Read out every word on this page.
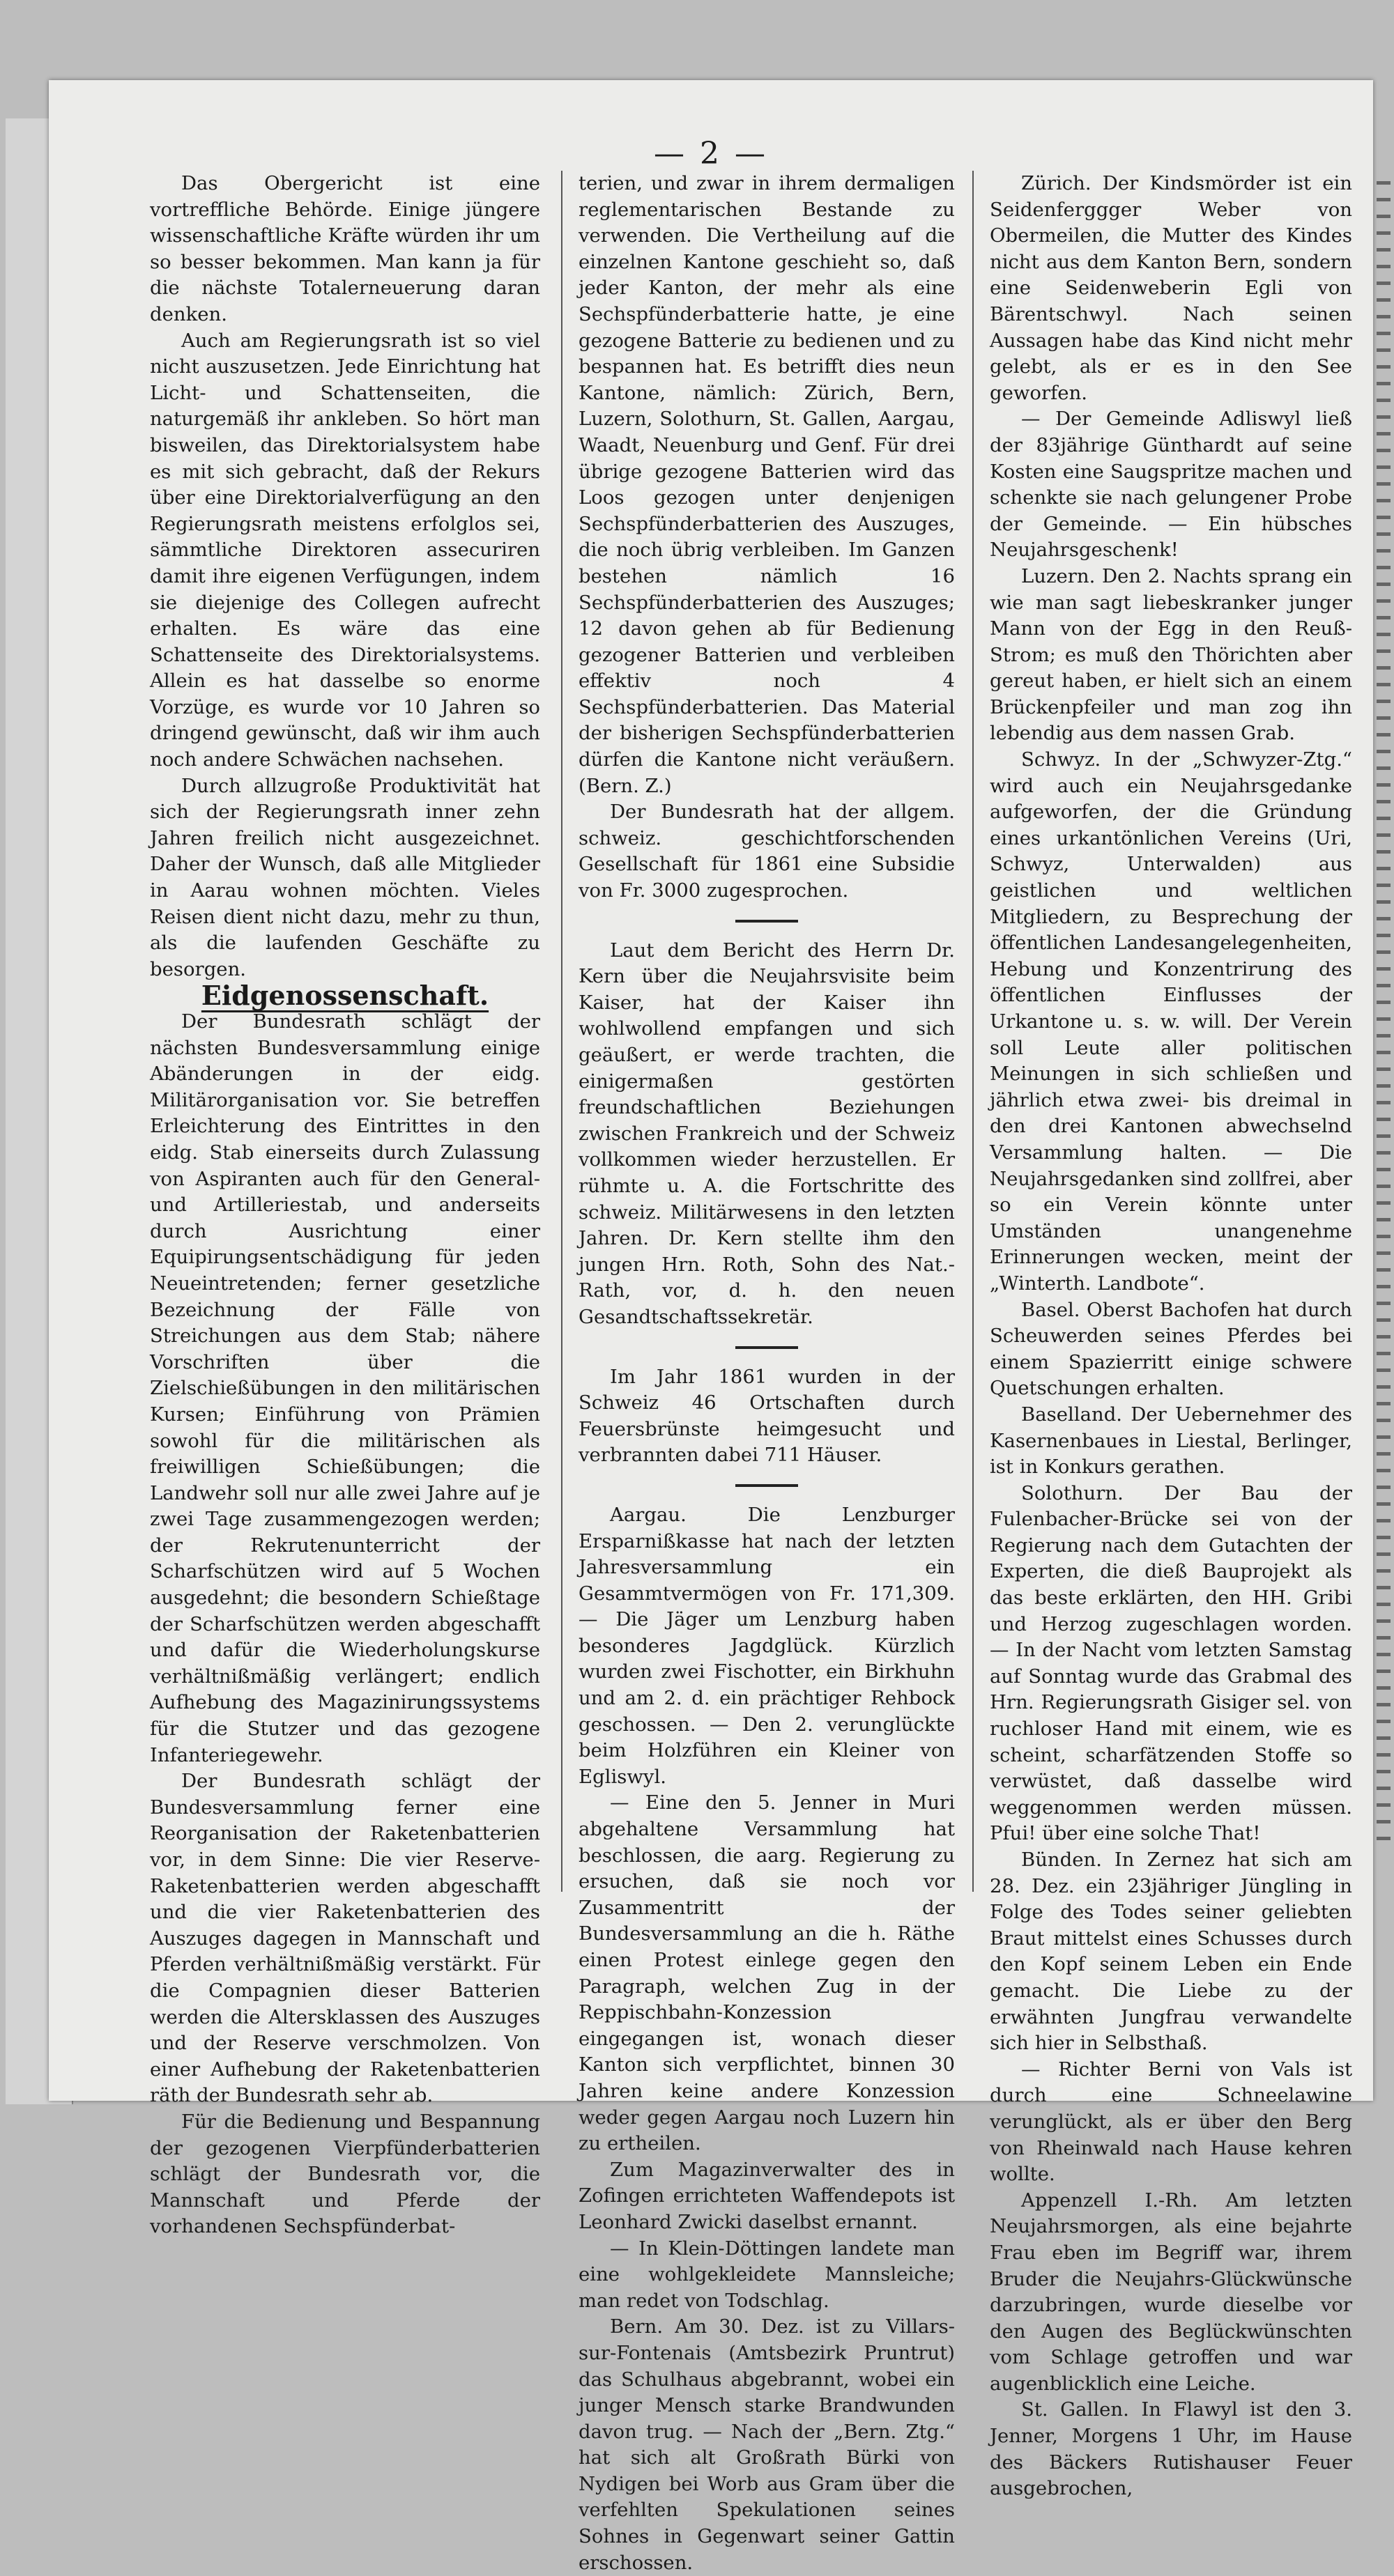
— 2 —

Das Obergericht ist eine vortreffliche Behörde. Einige jüngere wissenschaftliche Kräfte würden ihr um so besser bekommen. Man kann ja für die nächste Totalerneuerung daran denken.

Auch am Regierungsrath ist so viel nicht auszusetzen. Jede Einrichtung hat Licht- und Schattenseiten, die naturgemäß ihr ankleben. So hört man bisweilen, das Direktorialsystem habe es mit sich gebracht, daß der Rekurs über eine Direktorialverfügung an den Regierungsrath meistens erfolglos sei, sämmtliche Direktoren assecuriren damit ihre eigenen Verfügungen, indem sie diejenige des Collegen aufrecht erhalten. Es wäre das eine Schattenseite des Direktorialsystems. Allein es hat dasselbe so enorme Vorzüge, es wurde vor 10 Jahren so dringend gewünscht, daß wir ihm auch noch andere Schwächen nachsehen.

Durch allzugroße Produktivität hat sich der Regierungsrath inner zehn Jahren freilich nicht ausgezeichnet. Daher der Wunsch, daß alle Mitglieder in Aarau wohnen möchten. Vieles Reisen dient nicht dazu, mehr zu thun, als die laufenden Geschäfte zu besorgen.

Eidgenossenschaft.

Der Bundesrath schlägt der nächsten Bundesversammlung einige Abänderungen in der eidg. Militärorganisation vor. Sie betreffen Erleichterung des Eintrittes in den eidg. Stab einerseits durch Zulassung von Aspiranten auch für den General- und Artilleriestab, und anderseits durch Ausrichtung einer Equipirungsentschädigung für jeden Neueintretenden; ferner gesetzliche Bezeichnung der Fälle von Streichungen aus dem Stab; nähere Vorschriften über die Zielschießübungen in den militärischen Kursen; Einführung von Prämien sowohl für die militärischen als freiwilligen Schießübungen; die Landwehr soll nur alle zwei Jahre auf je zwei Tage zusammengezogen werden; der Rekrutenunterricht der Scharfschützen wird auf 5 Wochen ausgedehnt; die besondern Schießtage der Scharfschützen werden abgeschafft und dafür die Wiederholungskurse verhältnißmäßig verlängert; endlich Aufhebung des Magazinirungssystems für die Stutzer und das gezogene Infanteriegewehr.

Der Bundesrath schlägt der Bundesversammlung ferner eine Reorganisation der Raketenbatterien vor, in dem Sinne: Die vier Reserve-Raketenbatterien werden abgeschafft und die vier Raketenbatterien des Auszuges dagegen in Mannschaft und Pferden verhältnißmäßig verstärkt. Für die Compagnien dieser Batterien werden die Altersklassen des Auszuges und der Reserve verschmolzen. Von einer Aufhebung der Raketenbatterien räth der Bundesrath sehr ab.

Für die Bedienung und Bespannung der gezogenen Vierpfünderbatterien schlägt der Bundesrath vor, die Mannschaft und Pferde der vorhandenen Sechspfünderbat-

terien, und zwar in ihrem dermaligen reglementarischen Bestande zu verwenden. Die Vertheilung auf die einzelnen Kantone geschieht so, daß jeder Kanton, der mehr als eine Sechspfünderbatterie hatte, je eine gezogene Batterie zu bedienen und zu bespannen hat. Es betrifft dies neun Kantone, nämlich: Zürich, Bern, Luzern, Solothurn, St. Gallen, Aargau, Waadt, Neuenburg und Genf. Für drei übrige gezogene Batterien wird das Loos gezogen unter denjenigen Sechspfünderbatterien des Auszuges, die noch übrig verbleiben. Im Ganzen bestehen nämlich 16 Sechspfünderbatterien des Auszuges; 12 davon gehen ab für Bedienung gezogener Batterien und verbleiben effektiv noch 4 Sechspfünderbatterien. Das Material der bisherigen Sechspfünderbatterien dürfen die Kantone nicht veräußern. (Bern. Z.)

Der Bundesrath hat der allgem. schweiz. geschichtforschenden Gesellschaft für 1861 eine Subsidie von Fr. 3000 zugesprochen.

Laut dem Bericht des Herrn Dr. Kern über die Neujahrsvisite beim Kaiser, hat der Kaiser ihn wohlwollend empfangen und sich geäußert, er werde trachten, die einigermaßen gestörten freundschaftlichen Beziehungen zwischen Frankreich und der Schweiz vollkommen wieder herzustellen. Er rühmte u. A. die Fortschritte des schweiz. Militärwesens in den letzten Jahren. Dr. Kern stellte ihm den jungen Hrn. Roth, Sohn des Nat.-Rath, vor, d. h. den neuen Gesandtschaftssekretär.

Im Jahr 1861 wurden in der Schweiz 46 Ortschaften durch Feuersbrünste heimgesucht und verbrannten dabei 711 Häuser.

Aargau. Die Lenzburger Ersparnißkasse hat nach der letzten Jahresversammlung ein Gesammtvermögen von Fr. 171,309. — Die Jäger um Lenzburg haben besonderes Jagdglück. Kürzlich wurden zwei Fischotter, ein Birkhuhn und am 2. d. ein prächtiger Rehbock geschossen. — Den 2. verunglückte beim Holzführen ein Kleiner von Egliswyl.

— Eine den 5. Jenner in Muri abgehaltene Versammlung hat beschlossen, die aarg. Regierung zu ersuchen, daß sie noch vor Zusammentritt der Bundesversammlung an die h. Räthe einen Protest einlege gegen den Paragraph, welchen Zug in der Reppischbahn-Konzession eingegangen ist, wonach dieser Kanton sich verpflichtet, binnen 30 Jahren keine andere Konzession weder gegen Aargau noch Luzern hin zu ertheilen.

Zum Magazinverwalter des in Zofingen errichteten Waffendepots ist Leonhard Zwicki daselbst ernannt.

— In Klein-Döttingen landete man eine wohlgekleidete Mannsleiche; man redet von Todschlag.

Bern. Am 30. Dez. ist zu Villars-sur-Fontenais (Amtsbezirk Pruntrut) das Schulhaus abgebrannt, wobei ein junger Mensch starke Brandwunden davon trug. — Nach der „Bern. Ztg.“ hat sich alt Großrath Bürki von Nydigen bei Worb aus Gram über die verfehlten Spekulationen seines Sohnes in Gegenwart seiner Gattin erschossen.

Zürich. Der Kindsmörder ist ein Seidenferggger Weber von Obermeilen, die Mutter des Kindes nicht aus dem Kanton Bern, sondern eine Seidenweberin Egli von Bärentschwyl. Nach seinen Aussagen habe das Kind nicht mehr gelebt, als er es in den See geworfen.

— Der Gemeinde Adliswyl ließ der 83jährige Günthardt auf seine Kosten eine Saugspritze machen und schenkte sie nach gelungener Probe der Gemeinde. — Ein hübsches Neujahrsgeschenk!

Luzern. Den 2. Nachts sprang ein wie man sagt liebeskranker junger Mann von der Egg in den Reuß-Strom; es muß den Thörichten aber gereut haben, er hielt sich an einem Brückenpfeiler und man zog ihn lebendig aus dem nassen Grab.

Schwyz. In der „Schwyzer-Ztg.“ wird auch ein Neujahrsgedanke aufgeworfen, der die Gründung eines urkantönlichen Vereins (Uri, Schwyz, Unterwalden) aus geistlichen und weltlichen Mitgliedern, zu Besprechung der öffentlichen Landesangelegenheiten, Hebung und Konzentrirung des öffentlichen Einflusses der Urkantone u. s. w. will. Der Verein soll Leute aller politischen Meinungen in sich schließen und jährlich etwa zwei- bis dreimal in den drei Kantonen abwechselnd Versammlung halten. — Die Neujahrsgedanken sind zollfrei, aber so ein Verein könnte unter Umständen unangenehme Erinnerungen wecken, meint der „Winterth. Landbote“.

Basel. Oberst Bachofen hat durch Scheuwerden seines Pferdes bei einem Spazierritt einige schwere Quetschungen erhalten.

Baselland. Der Uebernehmer des Kasernenbaues in Liestal, Berlinger, ist in Konkurs gerathen.

Solothurn. Der Bau der Fulenbacher-Brücke sei von der Regierung nach dem Gutachten der Experten, die dieß Bauprojekt als das beste erklärten, den HH. Gribi und Herzog zugeschlagen worden. — In der Nacht vom letzten Samstag auf Sonntag wurde das Grabmal des Hrn. Regierungsrath Gisiger sel. von ruchloser Hand mit einem, wie es scheint, scharfätzenden Stoffe so verwüstet, daß dasselbe wird weggenommen werden müssen. Pfui! über eine solche That!

Bünden. In Zernez hat sich am 28. Dez. ein 23jähriger Jüngling in Folge des Todes seiner geliebten Braut mittelst eines Schusses durch den Kopf seinem Leben ein Ende gemacht. Die Liebe zu der erwähnten Jungfrau verwandelte sich hier in Selbsthaß.

— Richter Berni von Vals ist durch eine Schneelawine verunglückt, als er über den Berg von Rheinwald nach Hause kehren wollte.

Appenzell I.-Rh. Am letzten Neujahrsmorgen, als eine bejahrte Frau eben im Begriff war, ihrem Bruder die Neujahrs-Glückwünsche darzubringen, wurde dieselbe vor den Augen des Beglückwünschten vom Schlage getroffen und war augenblicklich eine Leiche.

St. Gallen. In Flawyl ist den 3. Jenner, Morgens 1 Uhr, im Hause des Bäckers Rutishauser Feuer ausgebrochen,
